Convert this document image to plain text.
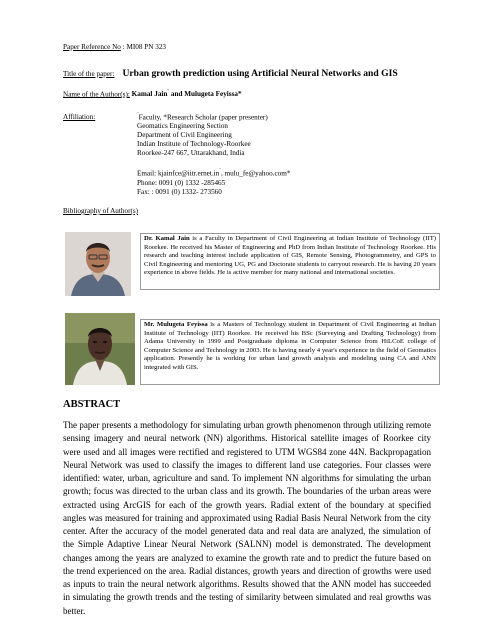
Paper Reference No : MI08 PN 323
Title of the paper: Urban growth prediction using Artificial Neural Networks and GIS
Name of the Author(s): Kamal Jain¨ and Mulugeta Feyissa*
Affiliation:	¨Faculty, *Research Scholar (paper presenter)
Geomatics Engineering Section
Department of Civil Engineering
Indian Institute of Technology-Roorkee
Roorkee-247 667, Uttarakhand, India
Email: kjainfce@iitr.ernet.in¨, mulu_fe@yahoo.com*
Phone: 0091 (0) 1332 -285465
Fax: : 0091 (0) 1332- 273560
Bibliography of Author(s)
Dr. Kamal Jain is a Faculty in Department of Civil Engineering at Indian Institute of Technology (IIT) Roorkee. He received his Master of Engineering and PhD from Indian Institute of Technology Roorkee. His research and teaching interest include application of GIS, Remote Sensing, Photogrammetry, and GPS to Civil Engineering and mentoring UG, PG and Doctorate students to carryout research. He is having 20 years experience in above fields. He is active member for many national and international societies.
Mr. Mulugeta Feyissa is a Masters of Technology student in Department of Civil Engineering at Indian Institute of Technology (IIT) Roorkee. He received his BSc (Surveying and Drafting Technology) from Adama University in 1999 and Postgraduate diploma in Computer Science from HiLCoE college of Computer Science and Technology in 2003. He is having nearly 4 year's experience in the field of Geomatics application. Presently he is working for urban land growth analysis and modeling using CA and ANN integrated with GIS.
ABSTRACT
The paper presents a methodology for simulating urban growth phenomenon through utilizing remote sensing imagery and neural network (NN) algorithms. Historical satellite images of Roorkee city were used and all images were rectified and registered to UTM WGS84 zone 44N. Backpropagation Neural Network was used to classify the images to different land use categories. Four classes were identified: water, urban, agriculture and sand. To implement NN algorithms for simulating the urban growth; focus was directed to the urban class and its growth. The boundaries of the urban areas were extracted using ArcGIS for each of the growth years. Radial extent of the boundary at specified angles was measured for training and approximated using Radial Basis Neural Network from the city center. After the accuracy of the model generated data and real data are analyzed, the simulation of the Simple Adaptive Linear Neural Network (SALNN) model is demonstrated. The development changes among the years are analyzed to examine the growth rate and to predict the future based on the trend experienced on the area. Radial distances, growth years and direction of growths were used as inputs to train the neural network algorithms. Results showed that the ANN model has succeeded in simulating the growth trends and the testing of similarity between simulated and real growths was better.
